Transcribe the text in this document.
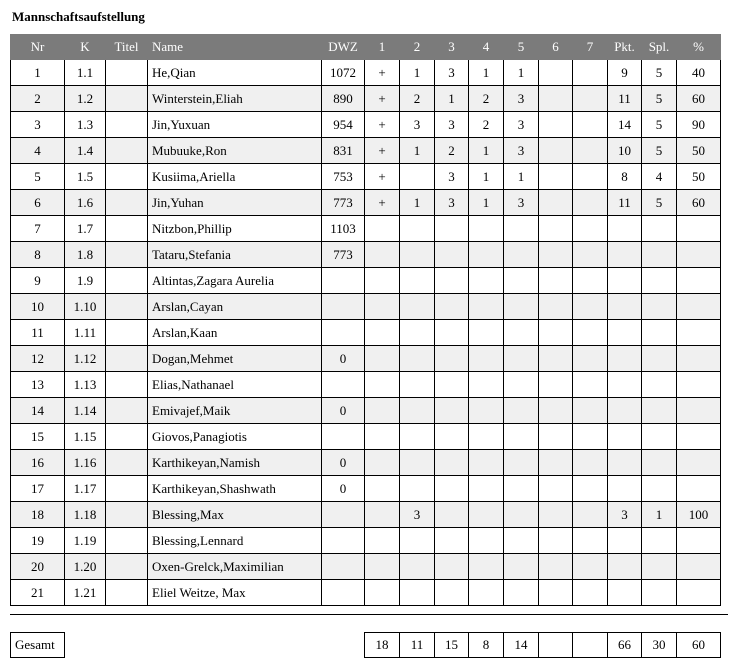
Mannschaftsaufstellung
Nr	K	Titel	Name	DWZ	1	2	3	4	5	6	7	Pkt.	Spl.	%
1	1.1		He,Qian	1072	+	1	3	1	1			9	5	40
2	1.2		Winterstein,Eliah	890	+	2	1	2	3			11	5	60
3	1.3		Jin,Yuxuan	954	+	3	3	2	3			14	5	90
4	1.4		Mubuuke,Ron	831	+	1	2	1	3			10	5	50
5	1.5		Kusiima,Ariella	753	+		3	1	1			8	4	50
6	1.6		Jin,Yuhan	773	+	1	3	1	3			11	5	60
7	1.7		Nitzbon,Phillip	1103										
8	1.8		Tataru,Stefania	773										
9	1.9		Altintas,Zagara Aurelia											
10	1.10		Arslan,Cayan											
11	1.11		Arslan,Kaan											
12	1.12		Dogan,Mehmet	0										
13	1.13		Elias,Nathanael											
14	1.14		Emivajef,Maik	0										
15	1.15		Giovos,Panagiotis											
16	1.16		Karthikeyan,Namish	0										
17	1.17		Karthikeyan,Shashwath	0										
18	1.18		Blessing,Max			3						3	1	100
19	1.19		Blessing,Lennard											
20	1.20		Oxen-Grelck,Maximilian											
21	1.21		Eliel Weitze, Max											
Gesamt					18	11	15	8	14			66	30	60
